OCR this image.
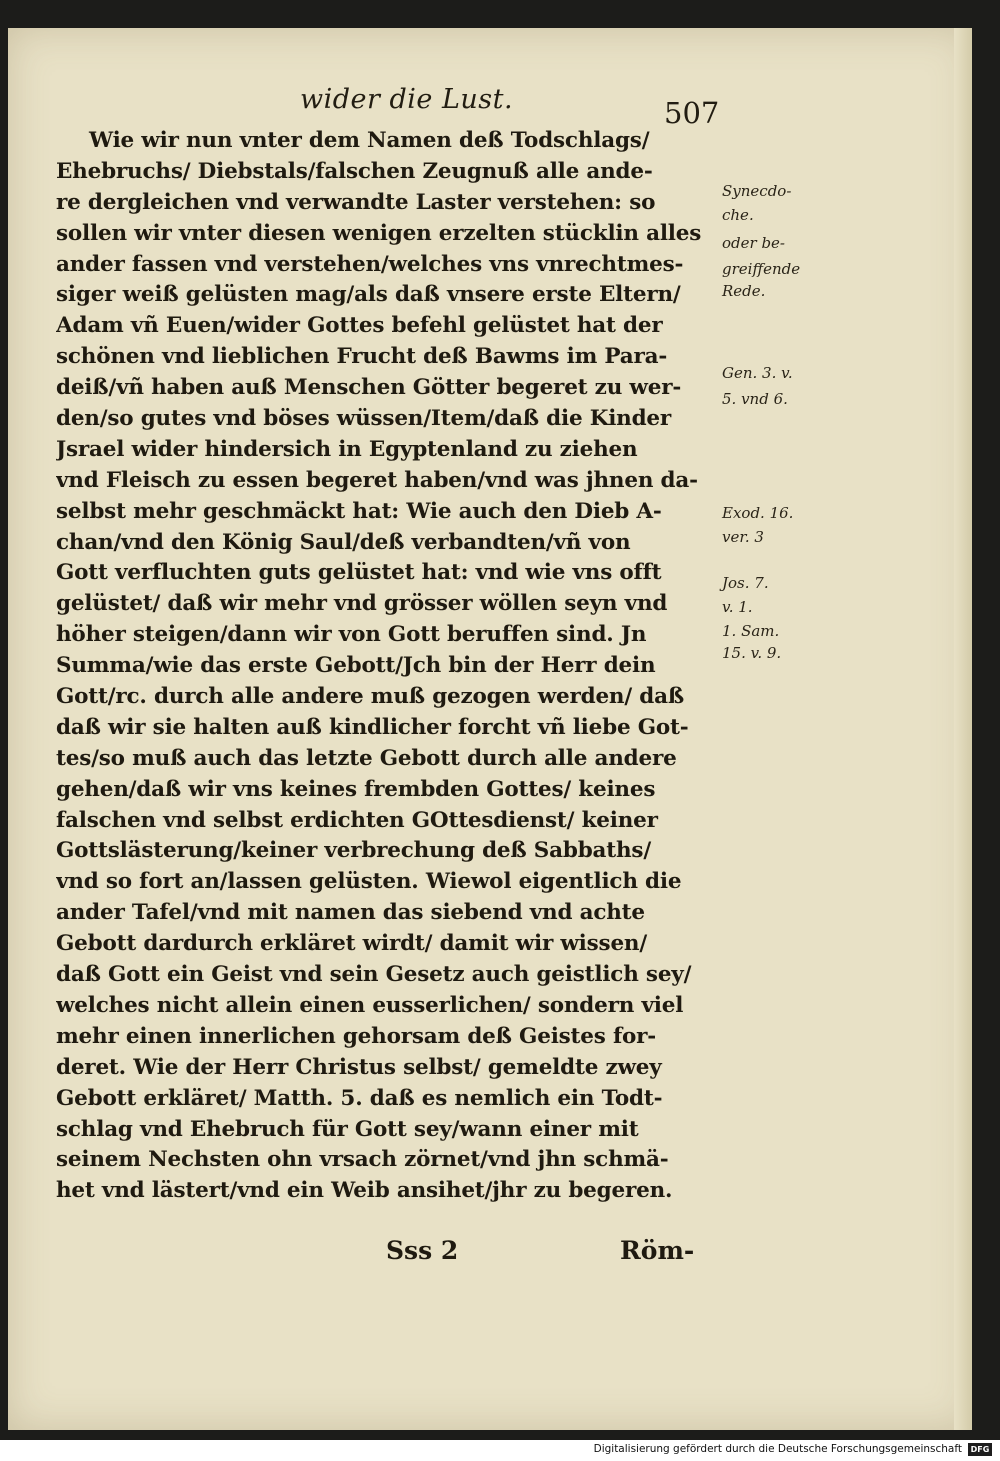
wider die Lust.	507
Wie wir nun vnter dem Namen deß Todschlags/
Ehebruchs/ Diebstals/falschen Zeugnuß alle ande-
re dergleichen vnd verwandte Laster verstehen: so
sollen wir vnter diesen wenigen erzelten stücklin alles
ander fassen vnd verstehen/welches vns vnrechtmes-
siger weiß gelüsten mag/als daß vnsere erste Eltern/
Adam vñ Euen/wider Gottes befehl gelüstet hat der
schönen vnd lieblichen Frucht deß Bawms im Para-
deiß/vñ haben auß Menschen Götter begeret zu wer-
den/so gutes vnd böses wüssen/Item/daß die Kinder
Jsrael wider hindersich in Egyptenland zu ziehen
vnd Fleisch zu essen begeret haben/vnd was jhnen da-
selbst mehr geschmäckt hat: Wie auch den Dieb A-
chan/vnd den König Saul/deß verbandten/vñ von
Gott verfluchten guts gelüstet hat: vnd wie vns offt
gelüstet/ daß wir mehr vnd grösser wöllen seyn vnd
höher steigen/dann wir von Gott beruffen sind. Jn
Summa/wie das erste Gebott/Jch bin der Herr dein
Gott/rc. durch alle andere muß gezogen werden/ daß
daß wir sie halten auß kindlicher forcht vñ liebe Got-
tes/so muß auch das letzte Gebott durch alle andere
gehen/daß wir vns keines frembden Gottes/ keines
falschen vnd selbst erdichten GOttesdienst/ keiner
Gottslästerung/keiner verbrechung deß Sabbaths/
vnd so fort an/lassen gelüsten. Wiewol eigentlich die
ander Tafel/vnd mit namen das siebend vnd achte
Gebott dardurch erkläret wirdt/ damit wir wissen/
daß Gott ein Geist vnd sein Gesetz auch geistlich sey/
welches nicht allein einen eusserlichen/ sondern viel
mehr einen innerlichen gehorsam deß Geistes for-
deret. Wie der Herr Christus selbst/ gemeldte zwey
Gebott erkläret/ Matth. 5. daß es nemlich ein Todt-
schlag vnd Ehebruch für Gott sey/wann einer mit
seinem Nechsten ohn vrsach zörnet/vnd jhn schmä-
het vnd lästert/vnd ein Weib ansihet/jhr zu begeren.
Synecdo-
che.
oder be-
greiffende
Rede.
Gen. 3. v.
5. vnd 6.
Exod. 16.
ver. 3
Jos. 7.
v. 1.
1. Sam.
15. v. 9.
Sss 2	Röm-
Digitalisierung gefördert durch die Deutsche Forschungsgemeinschaft	DFG
